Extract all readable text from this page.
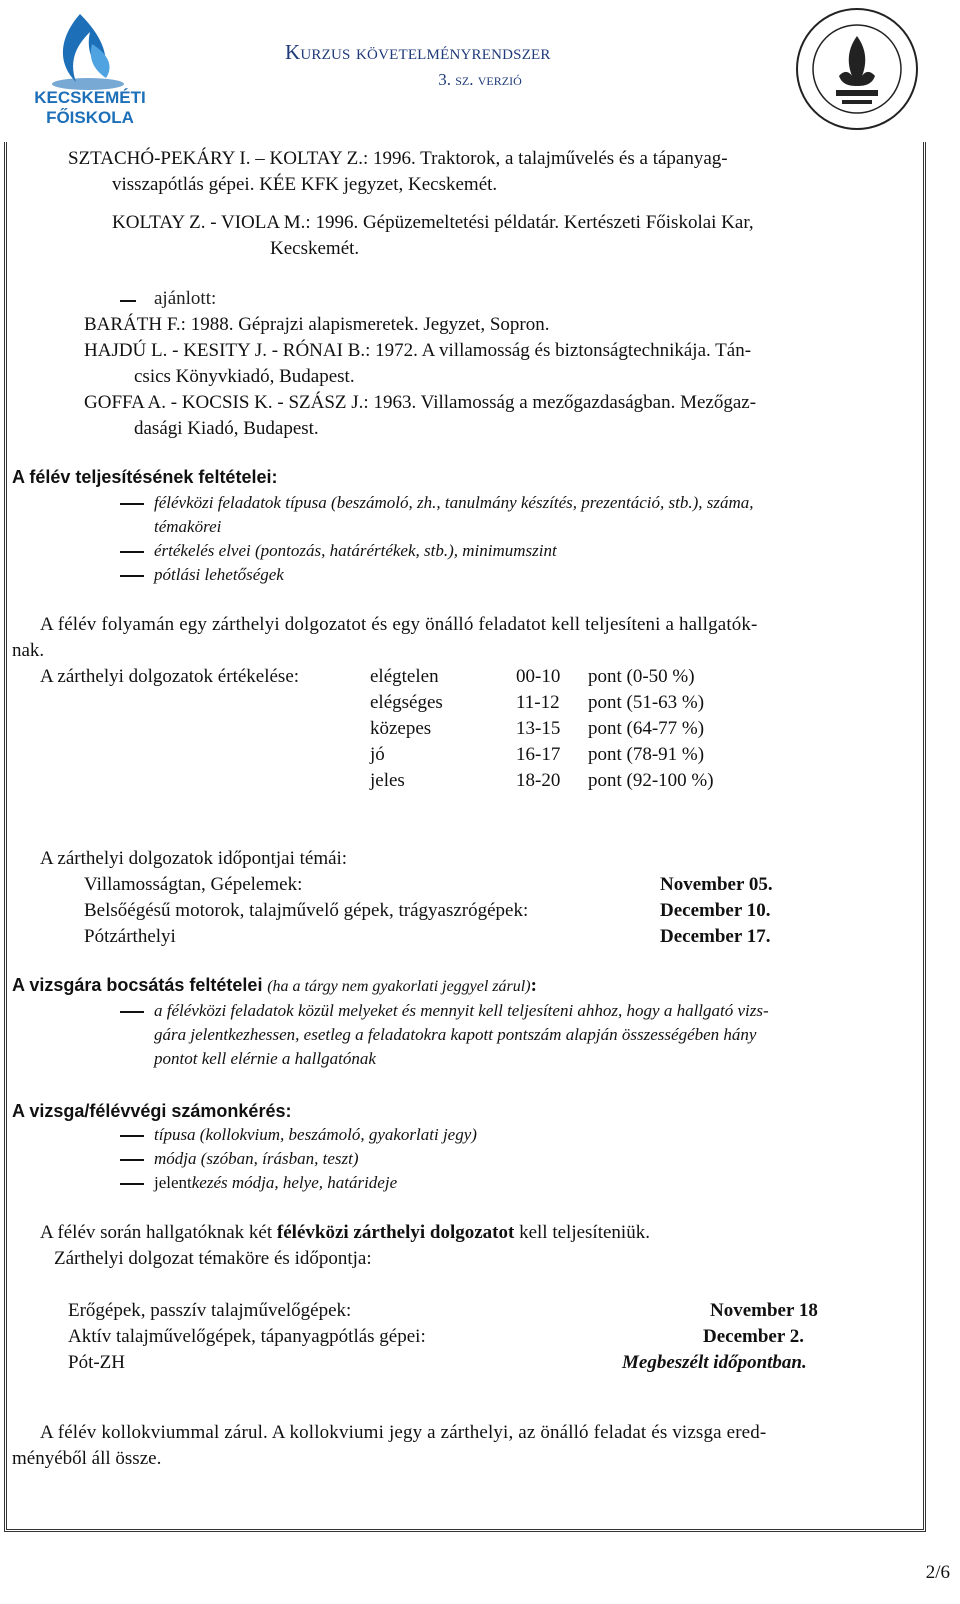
KECSKEMÉTI
FŐISKOLA
Kurzus követelményrendszer
3. sz. verzió
SZTACHÓ-PEKÁRY I. – KOLTAY Z.: 1996. Traktorok, a talajművelés és a tápanyag-
visszapótlás gépei. KÉE KFK jegyzet, Kecskemét.
KOLTAY Z. - VIOLA M.: 1996. Gépüzemeltetési példatár. Kertészeti Főiskolai Kar,
Kecskemét.
ajánlott:
BARÁTH F.: 1988. Géprajzi alapismeretek. Jegyzet, Sopron.
HAJDÚ L. - KESITY J. - RÓNAI B.: 1972. A villamosság és biztonságtechnikája. Tán-
csics Könyvkiadó, Budapest.
GOFFA A. - KOCSIS K. - SZÁSZ J.: 1963. Villamosság a mezőgazdaságban. Mezőgaz-
dasági Kiadó, Budapest.
A félév teljesítésének feltételei:
félévközi feladatok típusa (beszámoló, zh., tanulmány készítés, prezentáció, stb.), száma,
témakörei
értékelés elvei (pontozás, határértékek, stb.), minimumszint
pótlási lehetőségek
A félév folyamán egy zárthelyi dolgozatot és egy önálló feladatot kell teljesíteni a hallgatók-
nak.
A zárthelyi dolgozatok értékelése:	elégtelen	00-10 pont (0-50 %)
elégséges	11-12 pont (51-63 %)
közepes	13-15 pont (64-77 %)
jó	16-17 pont (78-91 %)
jeles	18-20 pont (92-100 %)
A zárthelyi dolgozatok időpontjai témái:
Villamosságtan, Gépelemek:	November 05.
Belsőégésű motorok, talajművelő gépek, trágyaszrógépek:	December 10.
Pótzárthelyi	December 17.
A vizsgára bocsátás feltételei (ha a tárgy nem gyakorlati jeggyel zárul):
a félévközi feladatok közül melyeket és mennyit kell teljesíteni ahhoz, hogy a hallgató vizs-
gára jelentkezhessen, esetleg a feladatokra kapott pontszám alapján összességében hány
pontot kell elérnie a hallgatónak
A vizsga/félévvégi számonkérés:
típusa (kollokvium, beszámoló, gyakorlati jegy)
módja (szóban, írásban, teszt)
jelentkezés módja, helye, határideje
A félév során hallgatóknak két félévközi zárthelyi dolgozatot kell teljesíteniük.
Zárthelyi dolgozat témaköre és időpontja:
Erőgépek, passzív talajművelőgépek:	November 18
Aktív talajművelőgépek, tápanyagpótlás gépei:	December 2.
Pót-ZH	Megbeszélt időpontban.
A félév kollokviummal zárul. A kollokviumi jegy a zárthelyi, az önálló feladat és vizsga ered-
ményéből áll össze.
2/6
